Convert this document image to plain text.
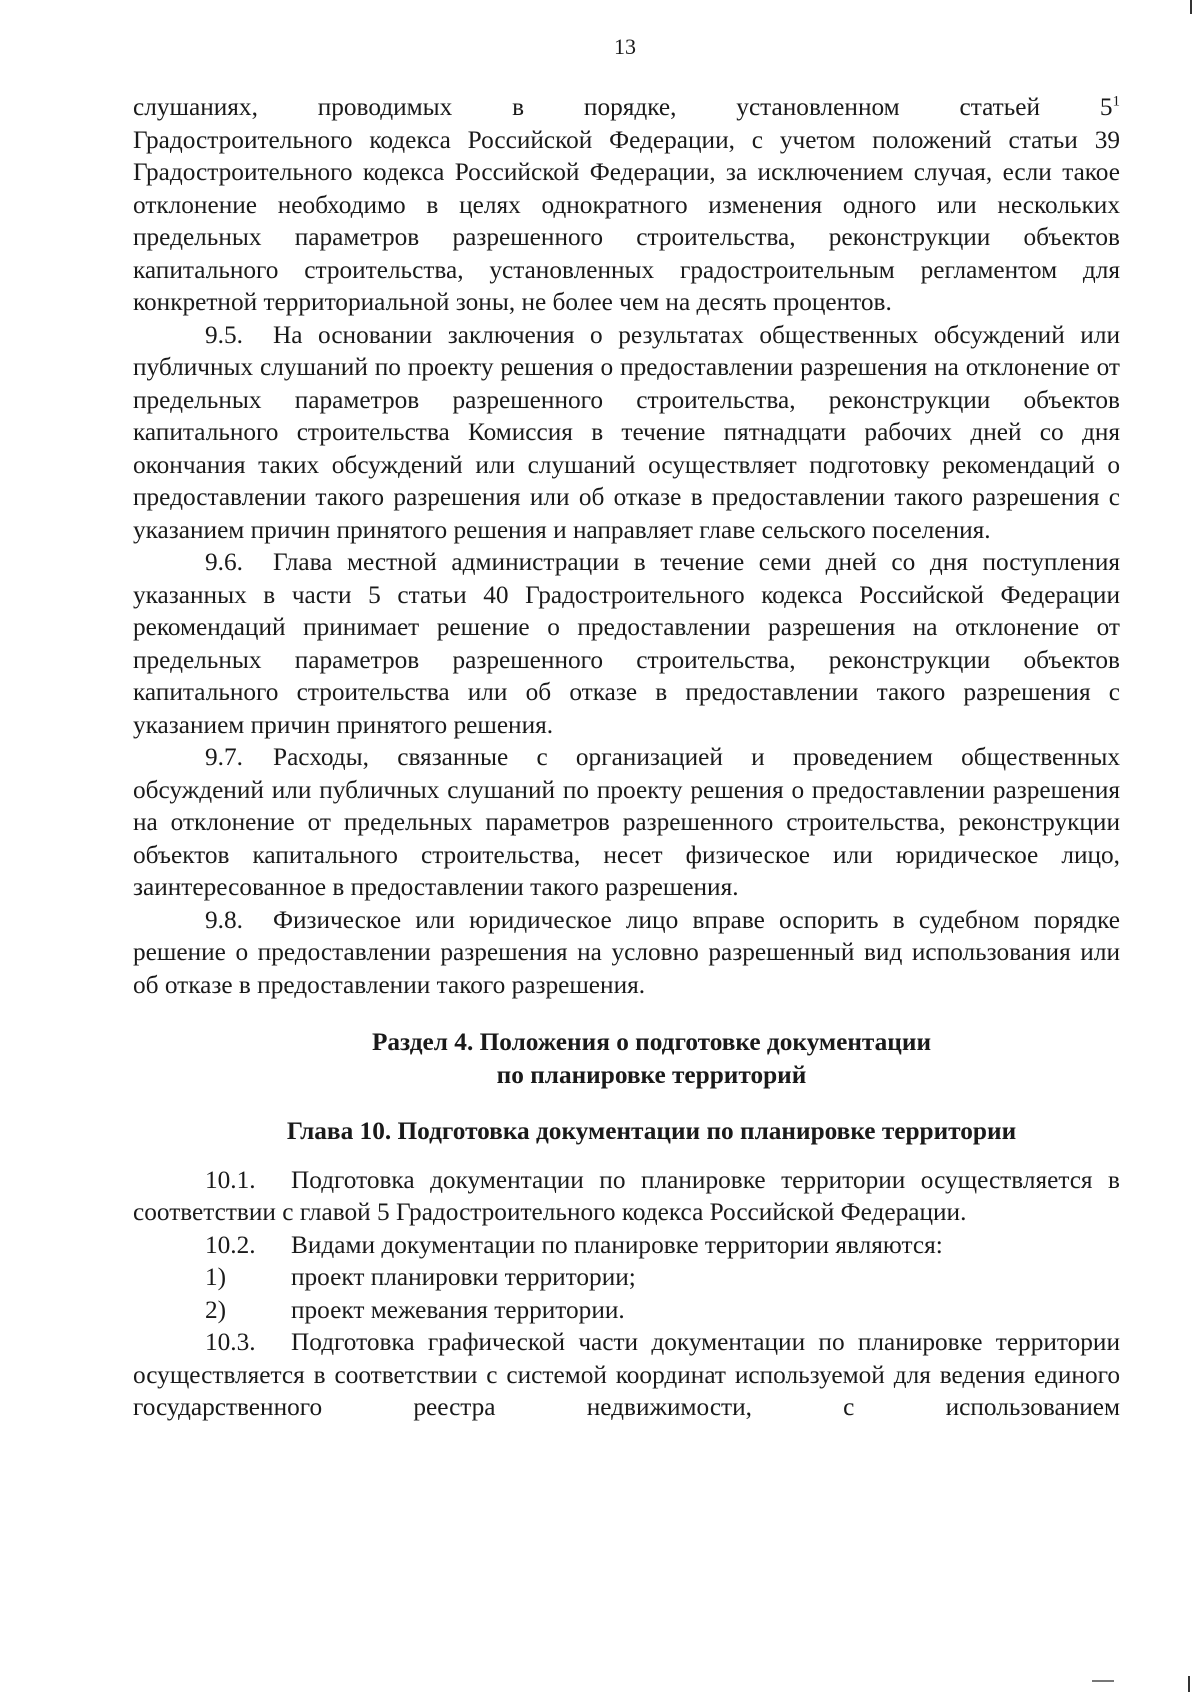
13

слушаниях, проводимых в порядке, установленном статьей $5^1$

Градостроительного кодекса Российской Федерации, с учетом положений статьи 39 Градостроительного кодекса Российской Федерации, за исключением случая, если такое отклонение необходимо в целях однократного изменения одного или нескольких предельных параметров разрешенного строительства, реконструкции объектов капитального строительства, установленных градостроительным регламентом для конкретной территориальной зоны, не более чем на десять процентов.

9.5. На основании заключения о результатах общественных обсуждений или публичных слушаний по проекту решения о предоставлении разрешения на отклонение от предельных параметров разрешенного строительства, реконструкции объектов капитального строительства Комиссия в течение пятнадцати рабочих дней со дня окончания таких обсуждений или слушаний осуществляет подготовку рекомендаций о предоставлении такого разрешения или об отказе в предоставлении такого разрешения с указанием причин принятого решения и направляет главе сельского поселения.

9.6. Глава местной администрации в течение семи дней со дня поступления указанных в части 5 статьи 40 Градостроительного кодекса Российской Федерации рекомендаций принимает решение о предоставлении разрешения на отклонение от предельных параметров разрешенного строительства, реконструкции объектов капитального строительства или об отказе в предоставлении такого разрешения с указанием причин принятого решения.

9.7. Расходы, связанные с организацией и проведением общественных обсуждений или публичных слушаний по проекту решения о предоставлении разрешения на отклонение от предельных параметров разрешенного строительства, реконструкции объектов капитального строительства, несет физическое или юридическое лицо, заинтересованное в предоставлении такого разрешения.

9.8. Физическое или юридическое лицо вправе оспорить в судебном порядке решение о предоставлении разрешения на условно разрешенный вид использования или об отказе в предоставлении такого разрешения.

Раздел 4. Положения о подготовке документации
по планировке территорий

Глава 10. Подготовка документации по планировке территории

10.1. Подготовка документации по планировке территории осуществляется в соответствии с главой 5 Градостроительного кодекса Российской Федерации.

10.2. Видами документации по планировке территории являются:

1)	проект планировки территории;

2)	проект межевания территории.

10.3. Подготовка графической части документации по планировке территории осуществляется в соответствии с системой координат используемой для ведения единого государственного реестра недвижимости, с использованием
